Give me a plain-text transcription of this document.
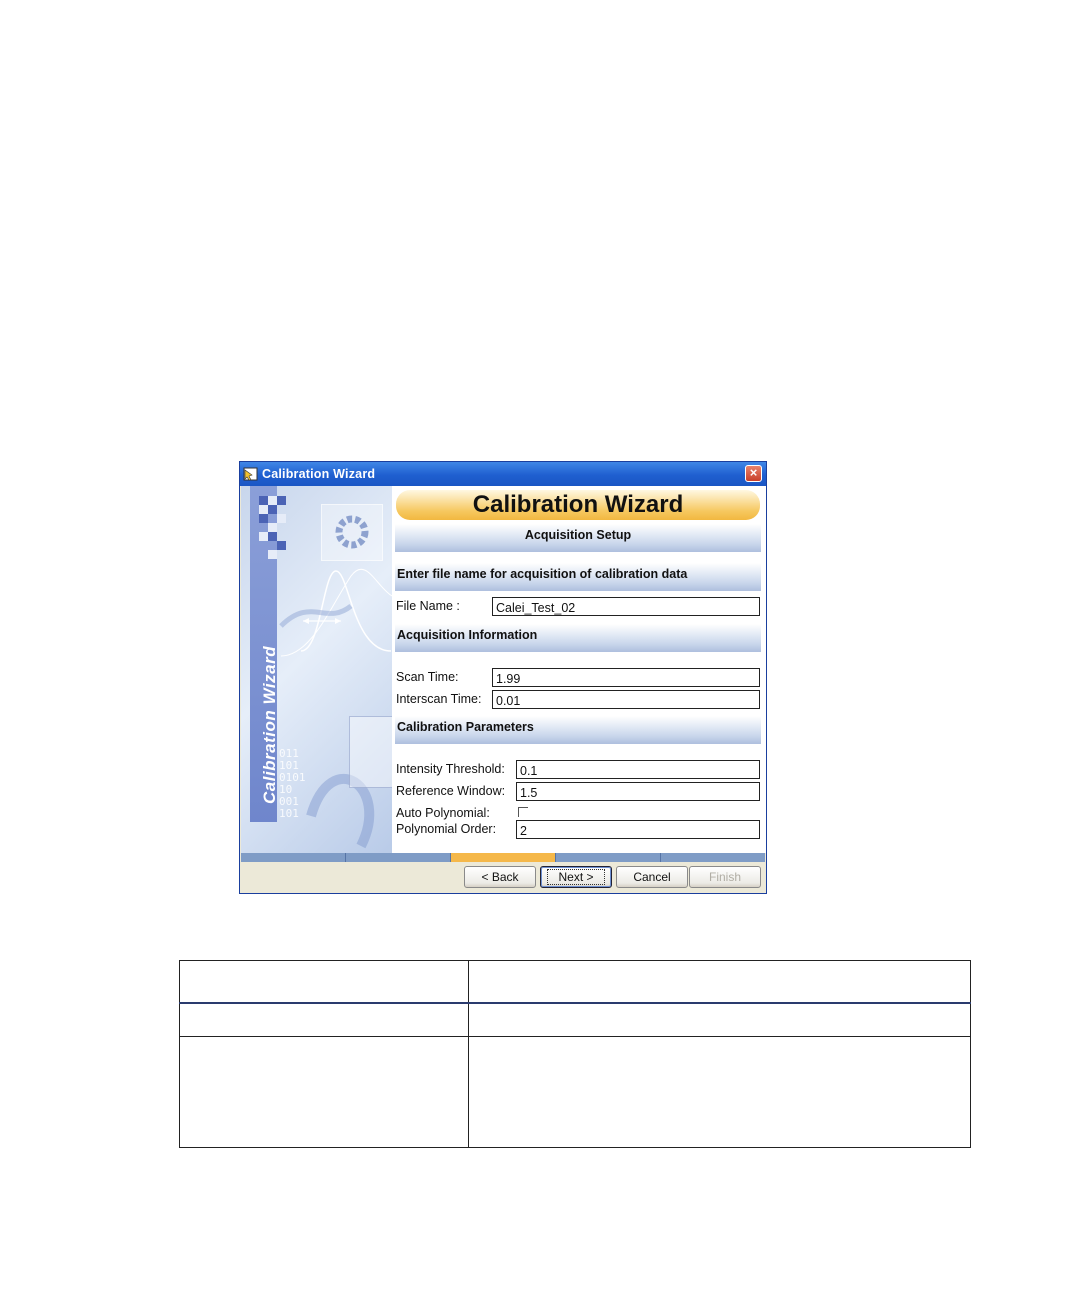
Calibration Wizard	×
011
101
0101
10
001
101
Calibration Wizard
Calibration Wizard
Acquisition Setup
Enter file name for acquisition of calibration data
File Name :
Calei_Test_02
Acquisition Information
Scan Time:
1.99
Interscan Time:
0.01
Calibration Parameters
Intensity Threshold:
0.1
Reference Window:
1.5
Auto Polynomial:
Polynomial Order:
2
< Back	Next >	Cancel	Finish
